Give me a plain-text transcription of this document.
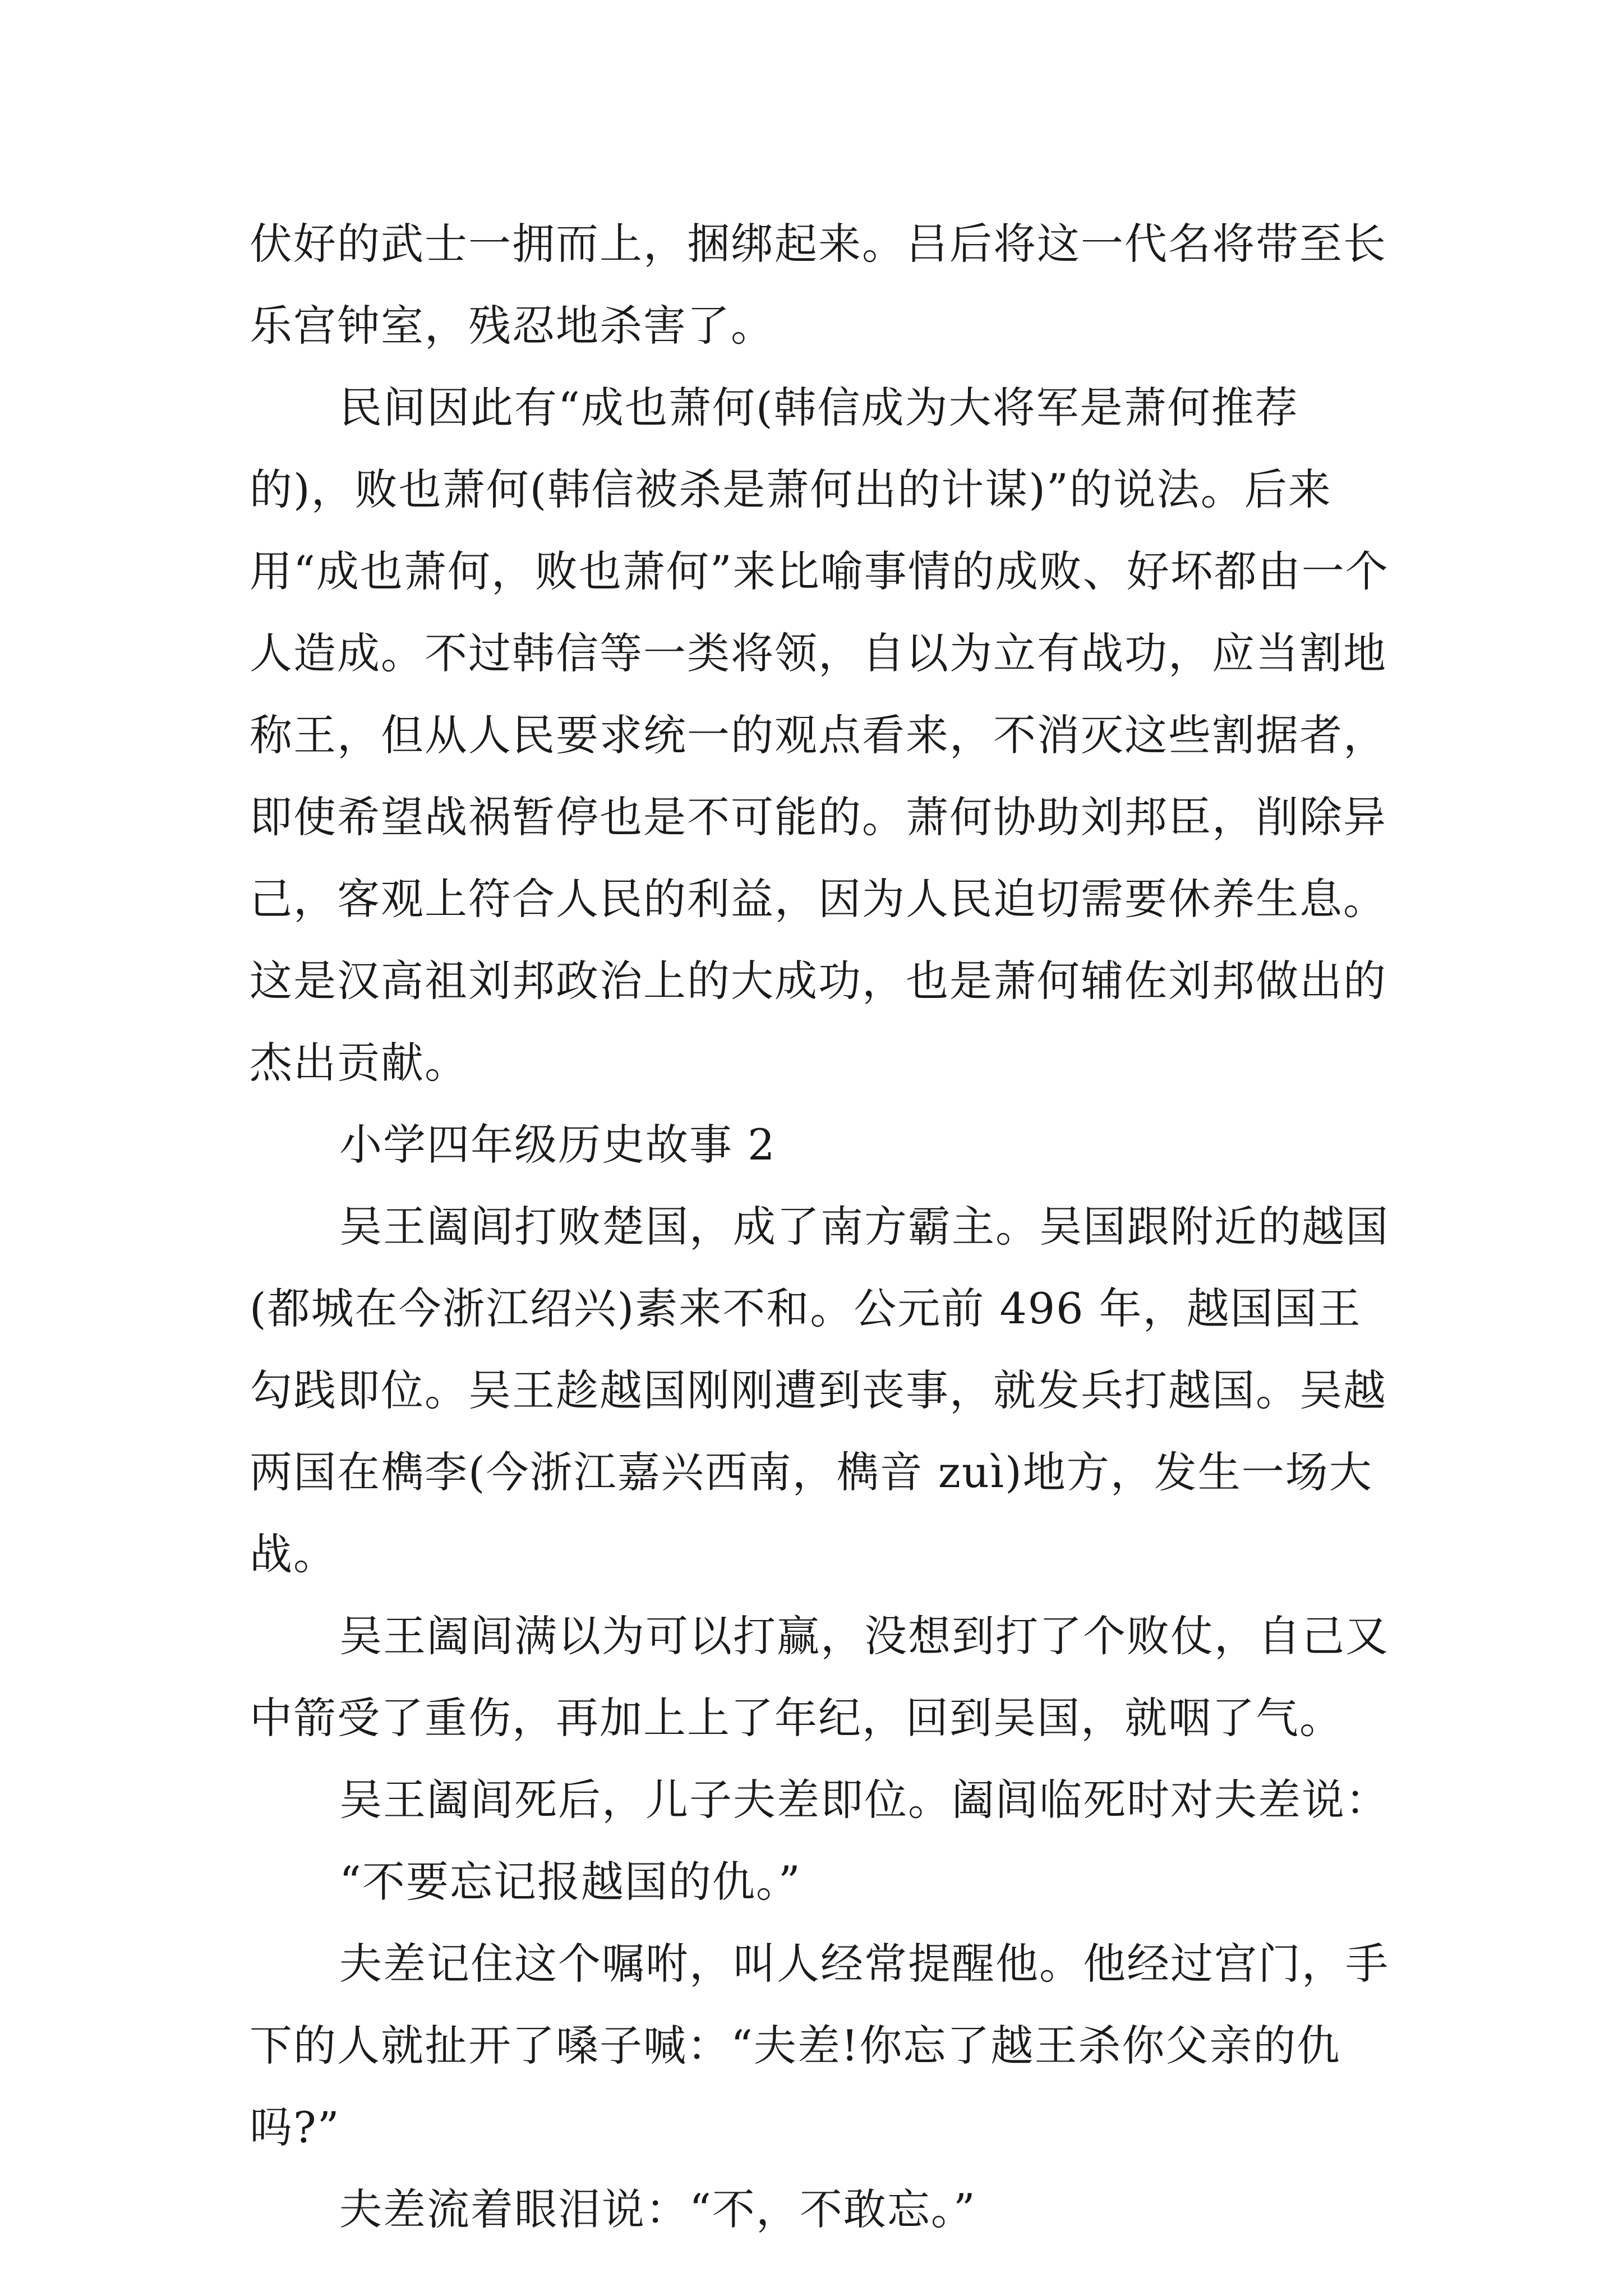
伏好的武士一拥而上，捆绑起来。吕后将这一代名将带至长乐宫钟室，残忍地杀害了。

民间因此有“成也萧何(韩信成为大将军是萧何推荐的)，败也萧何(韩信被杀是萧何出的计谋)”的说法。后来用“成也萧何，败也萧何”来比喻事情的成败、好坏都由一个人造成。不过韩信等一类将领，自以为立有战功，应当割地称王，但从人民要求统一的观点看来，不消灭这些割据者，即使希望战祸暂停也是不可能的。萧何协助刘邦臣，削除异己，客观上符合人民的利益，因为人民迫切需要休养生息。这是汉高祖刘邦政治上的大成功，也是萧何辅佐刘邦做出的杰出贡献。

小学四年级历史故事 2

吴王阖闾打败楚国，成了南方霸主。吴国跟附近的越国(都城在今浙江绍兴)素来不和。公元前 496 年，越国国王勾践即位。吴王趁越国刚刚遭到丧事，就发兵打越国。吴越两国在檇李(今浙江嘉兴西南，檇音 zuì)地方，发生一场大战。

吴王阖闾满以为可以打赢，没想到打了个败仗，自己又中箭受了重伤，再加上上了年纪，回到吴国，就咽了气。

吴王阖闾死后，儿子夫差即位。阖闾临死时对夫差说：

“不要忘记报越国的仇。”

夫差记住这个嘱咐，叫人经常提醒他。他经过宫门，手下的人就扯开了嗓子喊：“夫差!你忘了越王杀你父亲的仇吗?”

夫差流着眼泪说：“不，不敢忘。”
